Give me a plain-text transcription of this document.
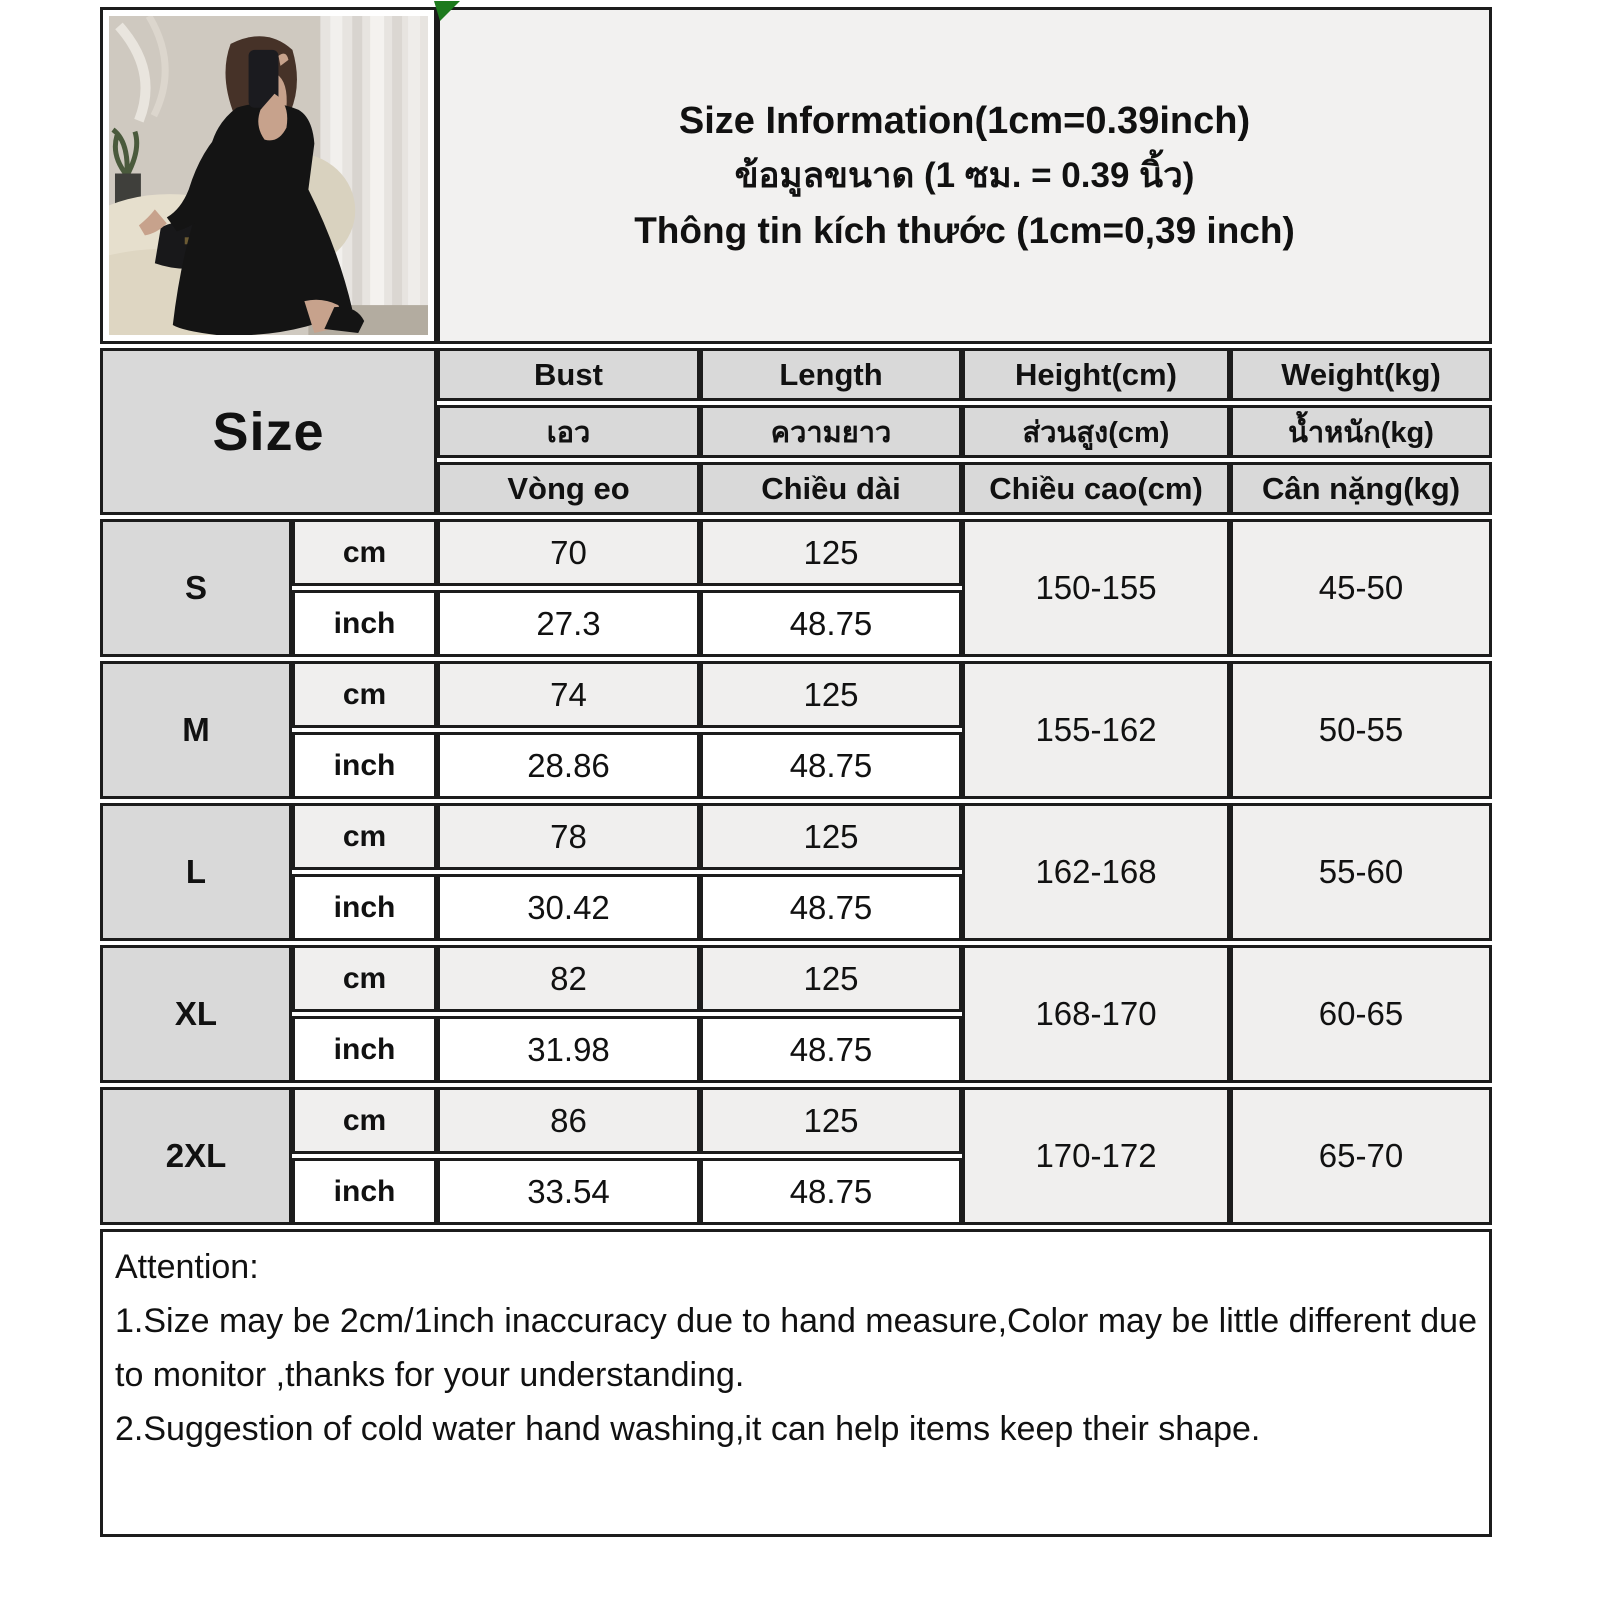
Size Information(1cm=0.39inch)
ข้อมูลขนาด (1 ซม. = 0.39 นิ้ว)
Thông tin kích thước (1cm=0,39 inch)			

Size		Bust	Length	Height(cm)	Weight(kg)
		เอว	ความยาว	ส่วนสูง(cm)	น้ำหนัก(kg)
		Vòng eo	Chiều dài	Chiều cao(cm)	Cân nặng(kg)
S	cm	70	125	150-155	45-50
	inch	27.3	48.75		
M	cm	74	125	155-162	50-55
	inch	28.86	48.75		
L	cm	78	125	162-168	55-60
	inch	30.42	48.75		
XL	cm	82	125	168-170	60-65
	inch	31.98	48.75		
2XL	cm	86	125	170-172	65-70
	inch	33.54	48.75		

Attention:
1.Size may be 2cm/1inch inaccuracy due to hand measure,Color may be little different due to monitor ,thanks for your understanding.
2.Suggestion of cold water hand washing,it can help items keep their shape.					
